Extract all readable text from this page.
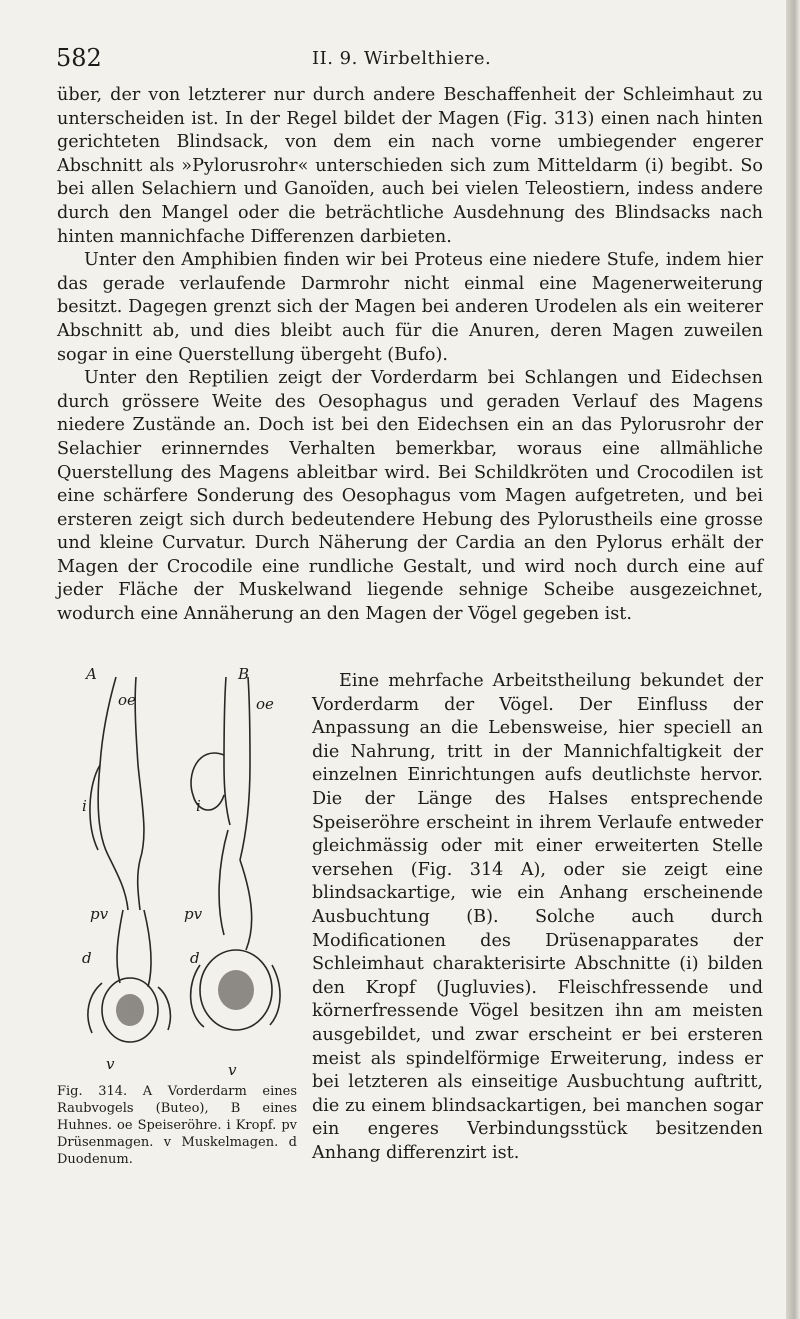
582	II. 9. Wirbelthiere.

über, der von letzterer nur durch andere Beschaffenheit der Schleimhaut zu unterscheiden ist. In der Regel bildet der Magen (Fig. 313) einen nach hinten gerichteten Blindsack, von dem ein nach vorne umbiegender engerer Abschnitt als »Pylorusrohr« unterschieden sich zum Mitteldarm (i) begibt. So bei allen Selachiern und Ganoïden, auch bei vielen Teleostiern, indess andere durch den Mangel oder die beträchtliche Ausdehnung des Blindsacks nach hinten mannichfache Differenzen darbieten.

Unter den Amphibien finden wir bei Proteus eine niedere Stufe, indem hier das gerade verlaufende Darmrohr nicht einmal eine Magenerweiterung besitzt. Dagegen grenzt sich der Magen bei anderen Urodelen als ein weiterer Abschnitt ab, und dies bleibt auch für die Anuren, deren Magen zuweilen sogar in eine Querstellung übergeht (Bufo).

Unter den Reptilien zeigt der Vorderdarm bei Schlangen und Eidechsen durch grössere Weite des Oesophagus und geraden Verlauf des Magens niedere Zustände an. Doch ist bei den Eidechsen ein an das Pylorusrohr der Selachier erinnerndes Verhalten bemerkbar, woraus eine allmähliche Querstellung des Magens ableitbar wird. Bei Schildkröten und Crocodilen ist eine schärfere Sonderung des Oesophagus vom Magen aufgetreten, und bei ersteren zeigt sich durch bedeutendere Hebung des Pylorustheils eine grosse und kleine Curvatur. Durch Näherung der Cardia an den Pylorus erhält der Magen der Crocodile eine rundliche Gestalt, und wird noch durch eine auf jeder Fläche der Muskelwand liegende sehnige Scheibe ausgezeichnet, wodurch eine Annäherung an den Magen der Vögel gegeben ist.

Eine mehrfache Arbeitstheilung bekundet der Vorderdarm der Vögel. Der Einfluss der Anpassung an die Lebensweise, hier speciell an die Nahrung, tritt in der Mannichfaltigkeit der einzelnen Einrichtungen aufs deutlichste hervor. Die der Länge des Halses entsprechende Speiseröhre erscheint in ihrem Verlaufe entweder gleichmässig oder mit einer erweiterten Stelle versehen (Fig. 314 A), oder sie zeigt eine blindsackartige, wie ein Anhang erscheinende Ausbuchtung (B). Solche auch durch Modificationen des Drüsenapparates der Schleimhaut charakterisirte Abschnitte (i) bilden den Kropf (Jugluvies). Fleischfressende und körnerfressende Vögel besitzen ihn am meisten ausgebildet, und zwar erscheint er bei ersteren meist als spindelförmige Erweiterung, indess er bei letzteren als einseitige Ausbuchtung auftritt, die zu einem blindsackartigen, bei manchen sogar ein engeres Verbindungsstück besitzenden Anhang differenzirt ist.

A	B
oe	oe
i	i
pv	pv
d	d
v	v
Fig. 314. A Vorderdarm eines Raubvogels (Buteo), B eines Huhnes. oe Speiseröhre. i Kropf. pv Drüsenmagen. v Muskelmagen. d Duodenum.
